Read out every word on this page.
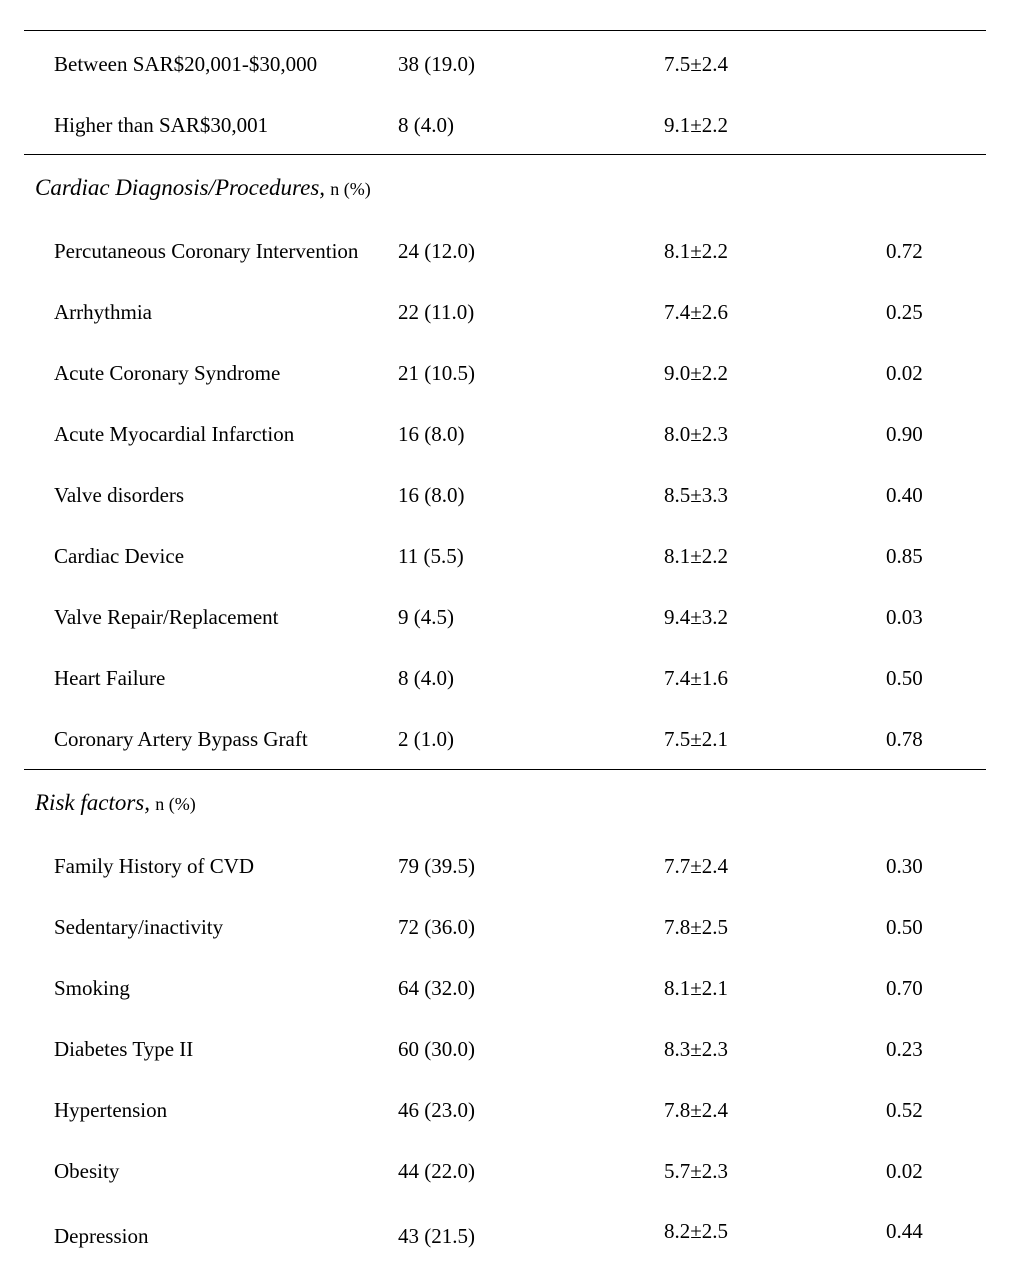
Between SAR$20,001-$30,000	38 (19.0)	7.5±2.4
Higher than SAR$30,001	8 (4.0)	9.1±2.2
Cardiac Diagnosis/Procedures, n (%)
Percutaneous Coronary Intervention 24 (12.0)	8.1±2.2	0.72
Arrhythmia	22 (11.0)	7.4±2.6	0.25
Acute Coronary Syndrome	21 (10.5)	9.0±2.2	0.02
Acute Myocardial Infarction	16 (8.0)	8.0±2.3	0.90
Valve disorders	16 (8.0)	8.5±3.3	0.40
Cardiac Device	11 (5.5)	8.1±2.2	0.85
Valve Repair/Replacement	9 (4.5)	9.4±3.2	0.03
Heart Failure	8 (4.0)	7.4±1.6	0.50
Coronary Artery Bypass Graft	2 (1.0)	7.5±2.1	0.78
Risk factors, n (%)
Family History of CVD	79 (39.5)	7.7±2.4	0.30
Sedentary/inactivity	72 (36.0)	7.8±2.5	0.50
Smoking	64 (32.0)	8.1±2.1	0.70
Diabetes Type II	60 (30.0)	8.3±2.3	0.23
Hypertension	46 (23.0)	7.8±2.4	0.52
Obesity	44 (22.0)	5.7±2.3	0.02
Depression	43 (21.5)	8.2±2.5	0.44
